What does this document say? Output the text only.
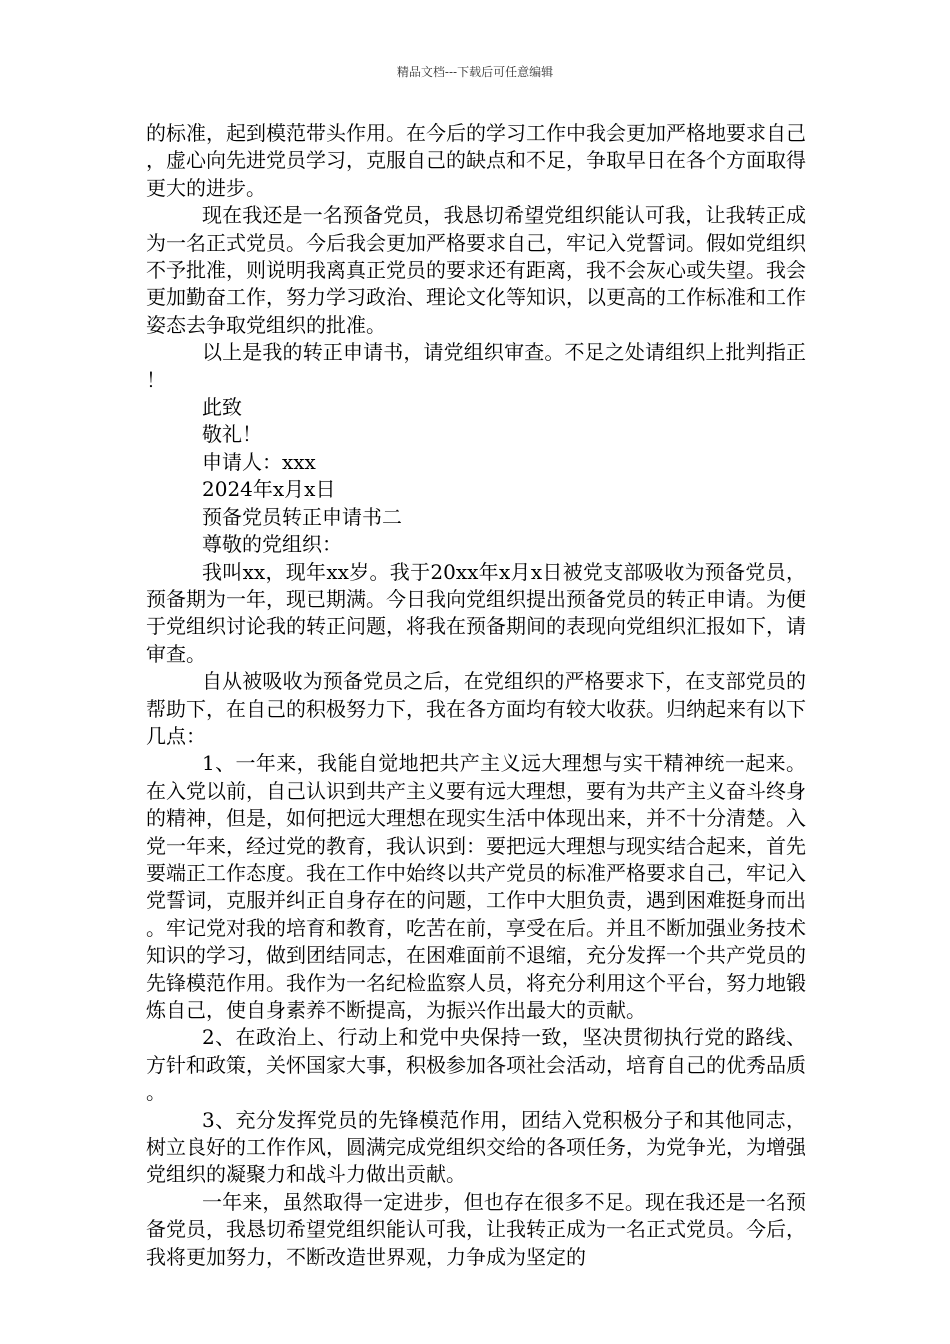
精品文档---下载后可任意编辑

的标准，起到模范带头作用。在今后的学习工作中我会更加严格地要求自己，虚心向先进党员学习，克服自己的缺点和不足，争取早日在各个方面取得更大的进步。

现在我还是一名预备党员，我恳切希望党组织能认可我，让我转正成为一名正式党员。今后我会更加严格要求自己，牢记入党誓词。假如党组织不予批准，则说明我离真正党员的要求还有距离，我不会灰心或失望。我会更加勤奋工作，努力学习政治、理论文化等知识，以更高的工作标准和工作姿态去争取党组织的批准。

以上是我的转正申请书，请党组织审查。不足之处请组织上批判指正！

此致

敬礼！

申请人：xxx

2024年x月x日

预备党员转正申请书二

尊敬的党组织：

我叫xx，现年xx岁。我于20xx年x月x日被党支部吸收为预备党员，预备期为一年，现已期满。今日我向党组织提出预备党员的转正申请。为便于党组织讨论我的转正问题，将我在预备期间的表现向党组织汇报如下，请审查。

自从被吸收为预备党员之后，在党组织的严格要求下，在支部党员的帮助下，在自己的积极努力下，我在各方面均有较大收获。归纳起来有以下几点：

1、一年来，我能自觉地把共产主义远大理想与实干精神统一起来。在入党以前，自己认识到共产主义要有远大理想，要有为共产主义奋斗终身的精神，但是，如何把远大理想在现实生活中体现出来，并不十分清楚。入党一年来，经过党的教育，我认识到：要把远大理想与现实结合起来，首先要端正工作态度。我在工作中始终以共产党员的标准严格要求自己，牢记入党誓词，克服并纠正自身存在的问题，工作中大胆负责，遇到困难挺身而出。牢记党对我的培育和教育，吃苦在前，享受在后。并且不断加强业务技术知识的学习，做到团结同志，在困难面前不退缩，充分发挥一个共产党员的先锋模范作用。我作为一名纪检监察人员，将充分利用这个平台，努力地锻炼自己，使自身素养不断提高，为振兴作出最大的贡献。

2、在政治上、行动上和党中央保持一致，坚决贯彻执行党的路线、方针和政策，关怀国家大事，积极参加各项社会活动，培育自己的优秀品质。

3、充分发挥党员的先锋模范作用，团结入党积极分子和其他同志，树立良好的工作作风，圆满完成党组织交给的各项任务，为党争光，为增强党组织的凝聚力和战斗力做出贡献。

一年来，虽然取得一定进步，但也存在很多不足。现在我还是一名预备党员，我恳切希望党组织能认可我，让我转正成为一名正式党员。今后，我将更加努力，不断改造世界观，力争成为坚定的
